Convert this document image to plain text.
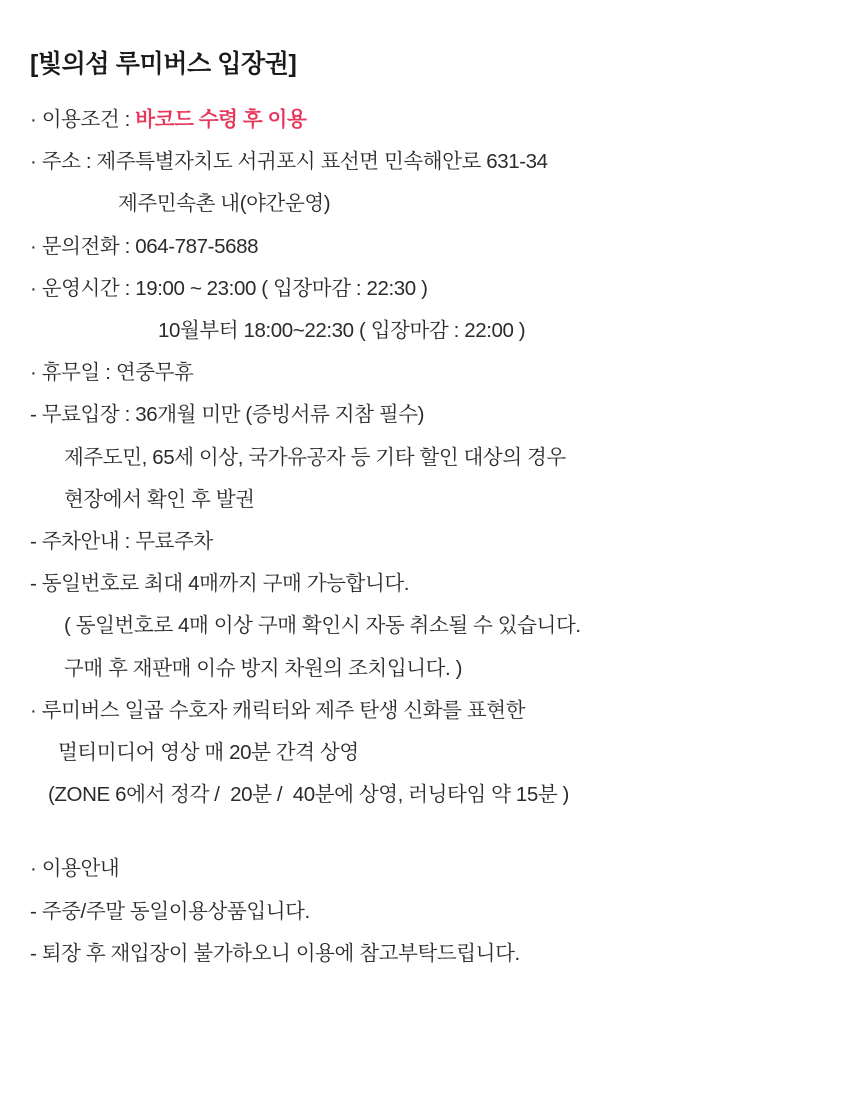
[빛의섬 루미버스 입장권]

· 이용조건 : 바코드 수령 후 이용

· 주소 : 제주특별자치도 서귀포시 표선면 민속해안로 631-34

제주민속촌 내(야간운영)

· 문의전화 : 064-787-5688

· 운영시간 : 19:00 ~ 23:00 ( 입장마감 : 22:30 )

10월부터 18:00~22:30 ( 입장마감 : 22:00 )

· 휴무일 : 연중무휴

- 무료입장 : 36개월 미만 (증빙서류 지참 필수)

제주도민, 65세 이상, 국가유공자 등 기타 할인 대상의 경우

현장에서 확인 후 발권

- 주차안내 : 무료주차

- 동일번호로 최대 4매까지 구매 가능합니다.

( 동일번호로 4매 이상 구매 확인시 자동 취소될 수 있습니다.

구매 후 재판매 이슈 방지 차원의 조치입니다. )

· 루미버스 일곱 수호자 캐릭터와 제주 탄생 신화를 표현한

멀티미디어 영상 매 20분 간격 상영

(ZONE 6에서 정각 /  20분 /  40분에 상영, 러닝타임 약 15분 )

· 이용안내

- 주중/주말 동일이용상품입니다.

- 퇴장 후 재입장이 불가하오니 이용에 참고부탁드립니다.
